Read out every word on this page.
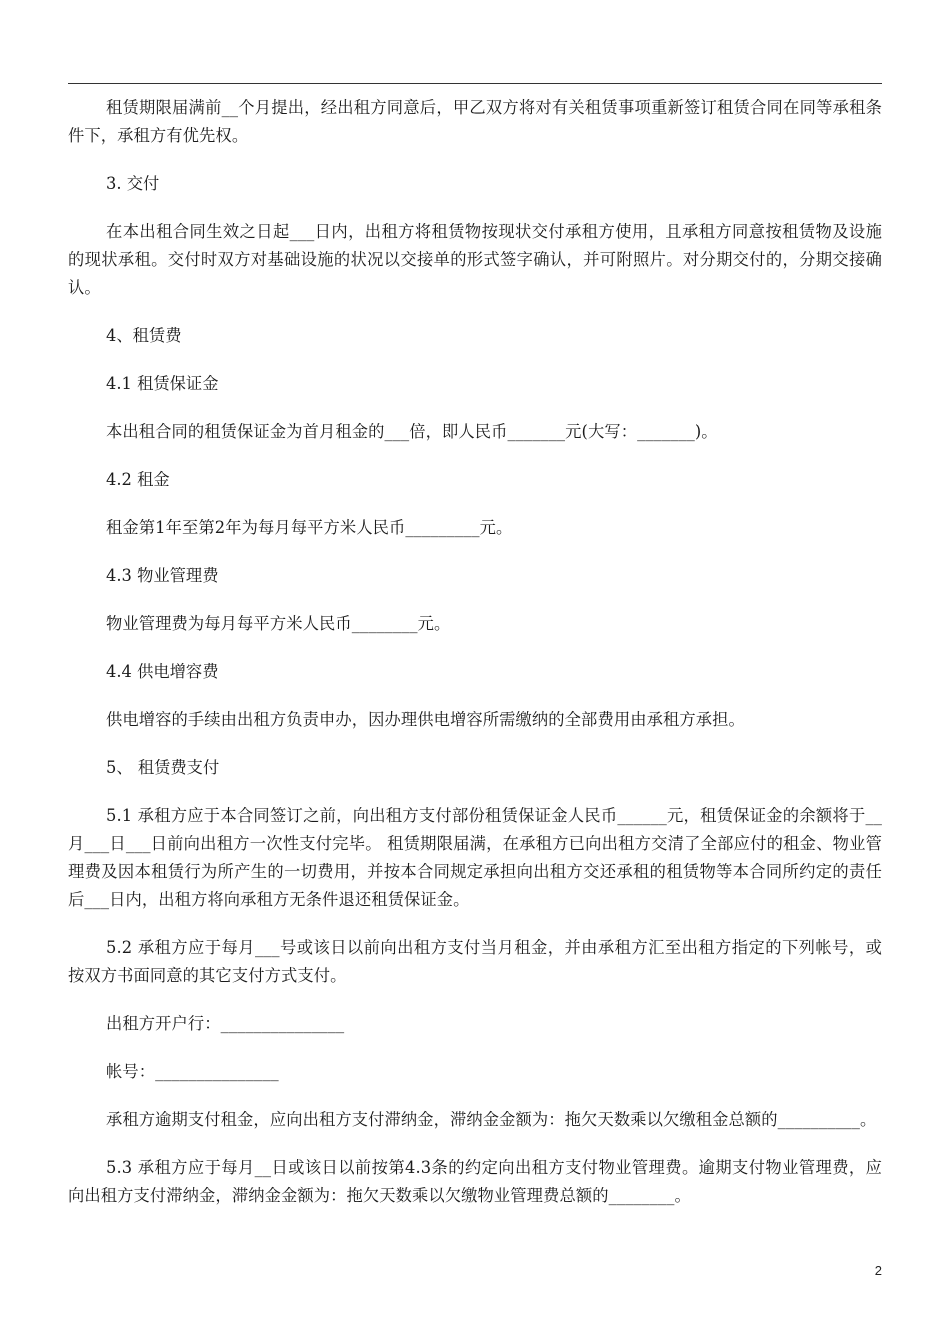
租赁期限届满前__个月提出，经出租方同意后，甲乙双方将对有关租赁事项重新签订租赁合同在同等承租条件下，承租方有优先权。

3. 交付

在本出租合同生效之日起___日内，出租方将租赁物按现状交付承租方使用，且承租方同意按租赁物及设施的现状承租。交付时双方对基础设施的状况以交接单的形式签字确认，并可附照片。对分期交付的，分期交接确认。

4、租赁费

4.1 租赁保证金

本出租合同的租赁保证金为首月租金的___倍，即人民币_______元(大写：_______)。

4.2 租金

租金第1年至第2年为每月每平方米人民币_________元。

4.3 物业管理费

物业管理费为每月每平方米人民币________元。

4.4 供电增容费

供电增容的手续由出租方负责申办，因办理供电增容所需缴纳的全部费用由承租方承担。

5、 租赁费支付

5.1 承租方应于本合同签订之前，向出租方支付部份租赁保证金人民币______元，租赁保证金的余额将于__月___日___日前向出租方一次性支付完毕。 租赁期限届满，在承租方已向出租方交清了全部应付的租金、物业管理费及因本租赁行为所产生的一切费用，并按本合同规定承担向出租方交还承租的租赁物等本合同所约定的责任后___日内，出租方将向承租方无条件退还租赁保证金。

5.2 承租方应于每月___号或该日以前向出租方支付当月租金，并由承租方汇至出租方指定的下列帐号，或按双方书面同意的其它支付方式支付。

出租方开户行：_______________

帐号：_______________

承租方逾期支付租金，应向出租方支付滞纳金，滞纳金金额为：拖欠天数乘以欠缴租金总额的__________。

5.3 承租方应于每月__日或该日以前按第4.3条的约定向出租方支付物业管理费。逾期支付物业管理费，应向出租方支付滞纳金，滞纳金金额为：拖欠天数乘以欠缴物业管理费总额的________。

2
